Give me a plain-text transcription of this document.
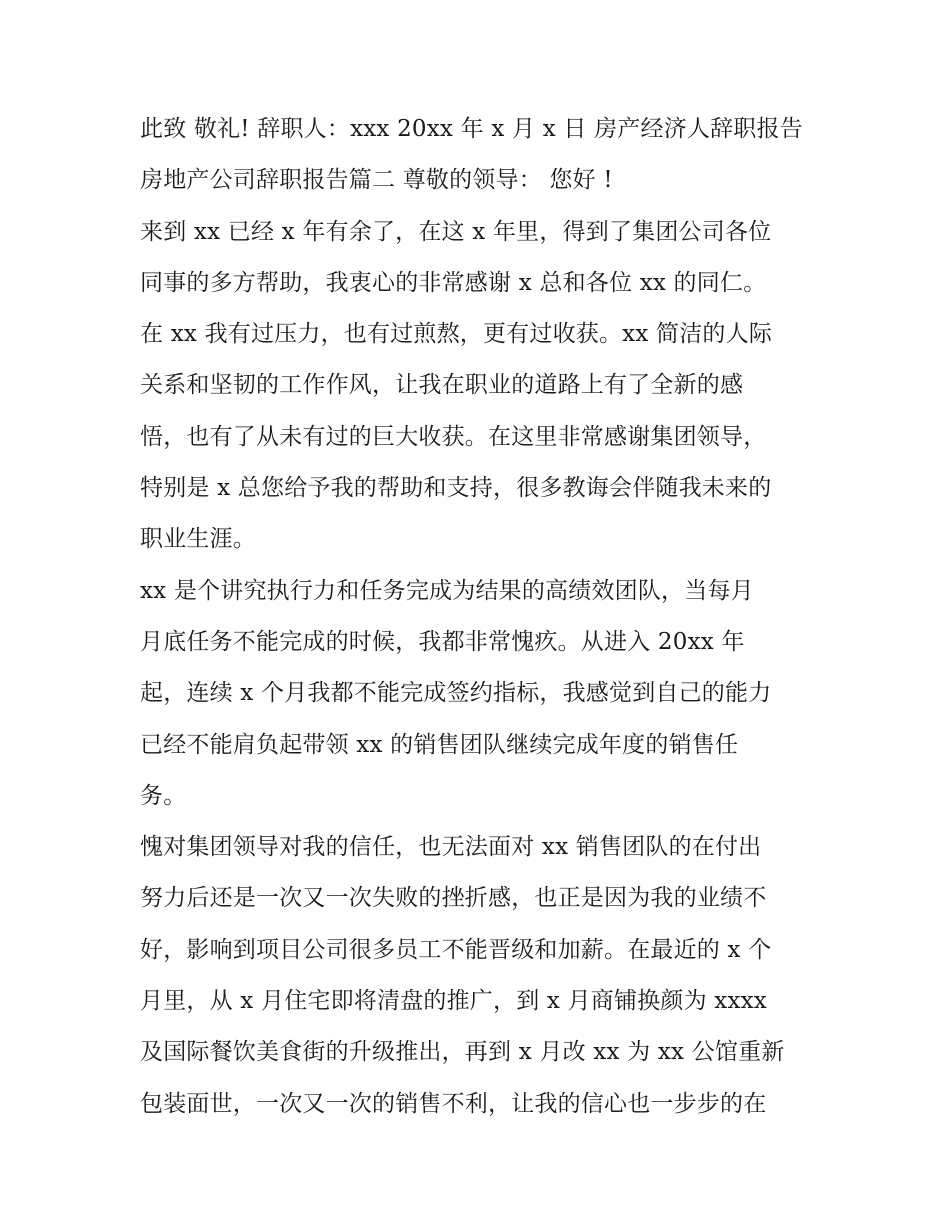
此致 敬礼! 辞职人：xxx 20xx 年 x 月 x 日 房产经济人辞职报告
房地产公司辞职报告篇二 尊敬的领导： 您好 !
来到 xx 已经 x 年有余了，在这 x 年里，得到了集团公司各位
同事的多方帮助，我衷心的非常感谢 x 总和各位 xx 的同仁。
在 xx 我有过压力，也有过煎熬，更有过收获。xx 简洁的人际
关系和坚韧的工作作风，让我在职业的道路上有了全新的感
悟，也有了从未有过的巨大收获。在这里非常感谢集团领导，
特别是 x 总您给予我的帮助和支持，很多教诲会伴随我未来的
职业生涯。
xx 是个讲究执行力和任务完成为结果的高绩效团队，当每月
月底任务不能完成的时候，我都非常愧疚。从进入 20xx 年
起，连续 x 个月我都不能完成签约指标，我感觉到自己的能力
已经不能肩负起带领 xx 的销售团队继续完成年度的销售任
务。
愧对集团领导对我的信任，也无法面对 xx 销售团队的在付出
努力后还是一次又一次失败的挫折感，也正是因为我的业绩不
好，影响到项目公司很多员工不能晋级和加薪。在最近的 x 个
月里，从 x 月住宅即将清盘的推广，到 x 月商铺换颜为 xxxx
及国际餐饮美食街的升级推出，再到 x 月改 xx 为 xx 公馆重新
包装面世，一次又一次的销售不利，让我的信心也一步步的在
